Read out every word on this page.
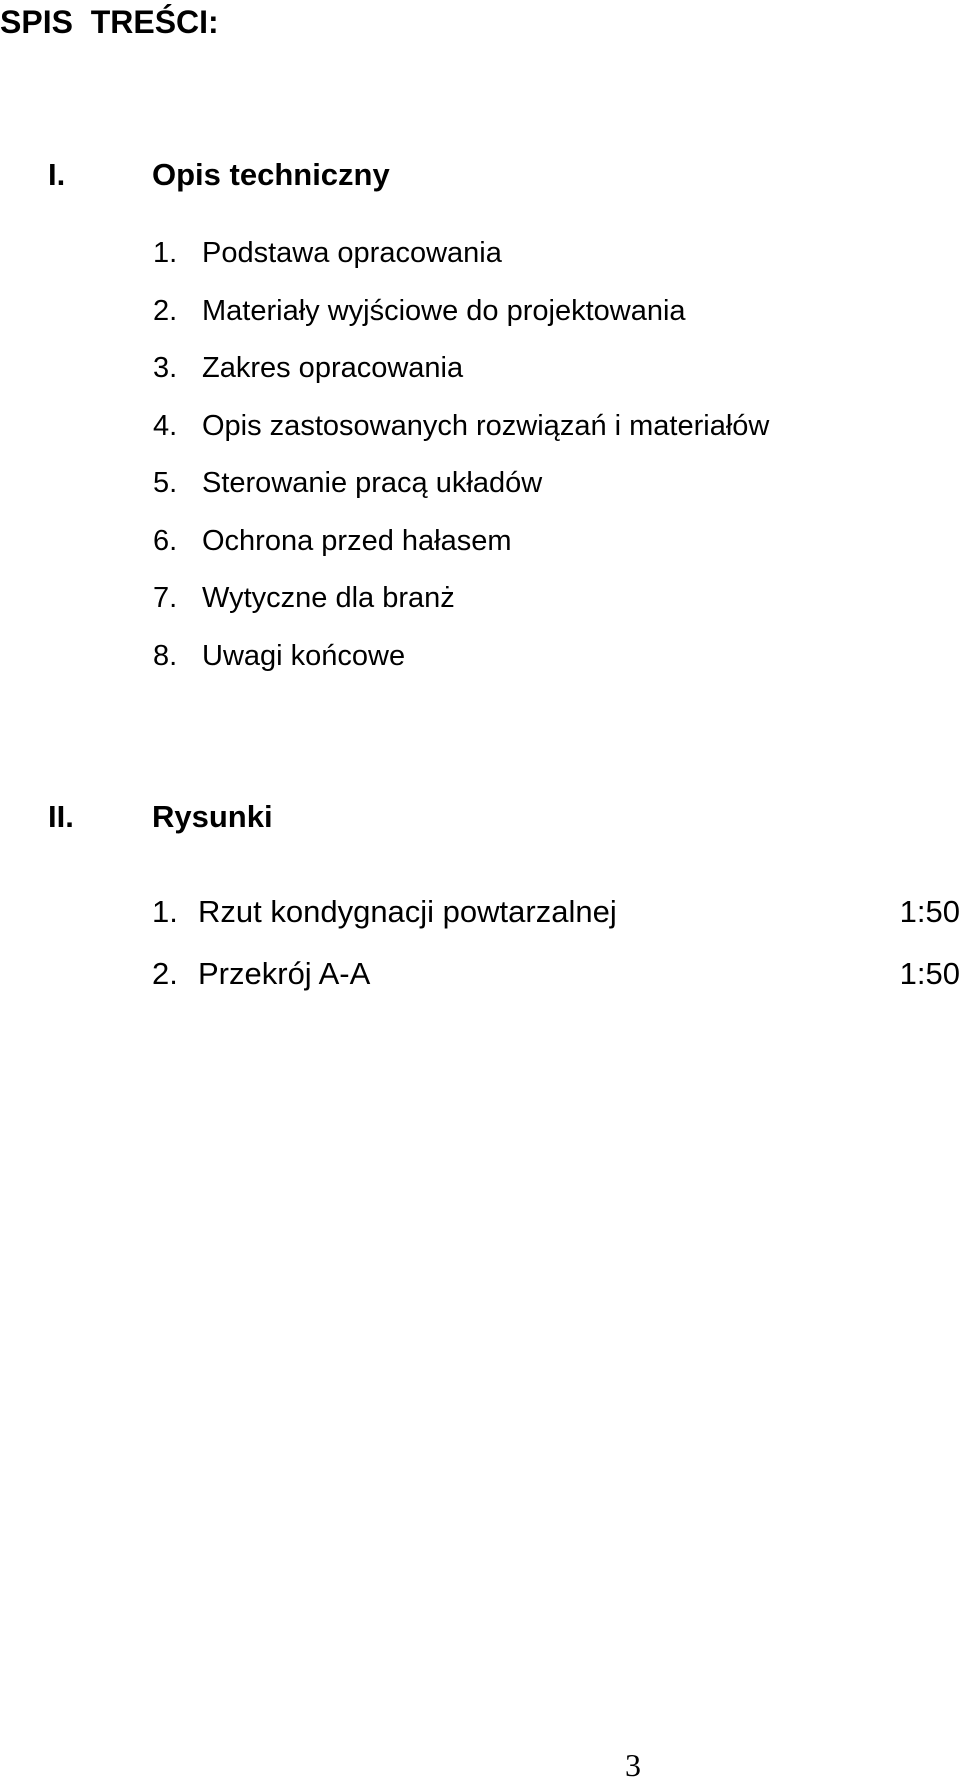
SPIS  TREŚCI:
I.	Opis techniczny
1. Podstawa opracowania
2. Materiały wyjściowe do projektowania
3. Zakres opracowania
4. Opis zastosowanych rozwiązań i materiałów
5. Sterowanie pracą układów
6. Ochrona przed hałasem
7. Wytyczne dla branż
8. Uwagi końcowe
II.	Rysunki
1. Rzut kondygnacji powtarzalnej	1:50
2. Przekrój A-A	1:50
3
